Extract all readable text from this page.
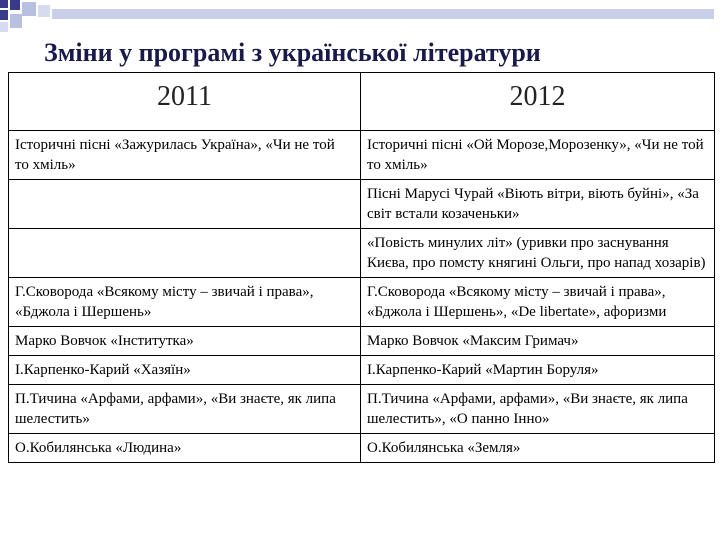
Зміни у програмі з української літератури
2011	2012
Історичні пісні «Зажурилась Україна», «Чи не той то хміль»	Історичні пісні «Ой Морозе,Морозенку», «Чи не той то хміль»
	Пісні Марусі Чурай «Віють вітри, віють буйні», «За світ встали козаченьки»
	«Повість минулих літ» (уривки про заснування Києва, про помсту княгині Ольги, про напад хозарів)
Г.Сковорода «Всякому місту – звичай і права», «Бджола і Шершень»	Г.Сковорода «Всякому місту – звичай і права», «Бджола і Шершень», «De libertate», афоризми
Марко Вовчок «Інститутка»	Марко Вовчок «Максим Гримач»
І.Карпенко-Карий «Хазяїн»	І.Карпенко-Карий «Мартин Боруля»
П.Тичина «Арфами, арфами», «Ви знаєте, як липа шелестить»	П.Тичина «Арфами, арфами», «Ви знаєте, як липа шелестить», «О панно Інно»
О.Кобилянська «Людина»	О.Кобилянська «Земля»
